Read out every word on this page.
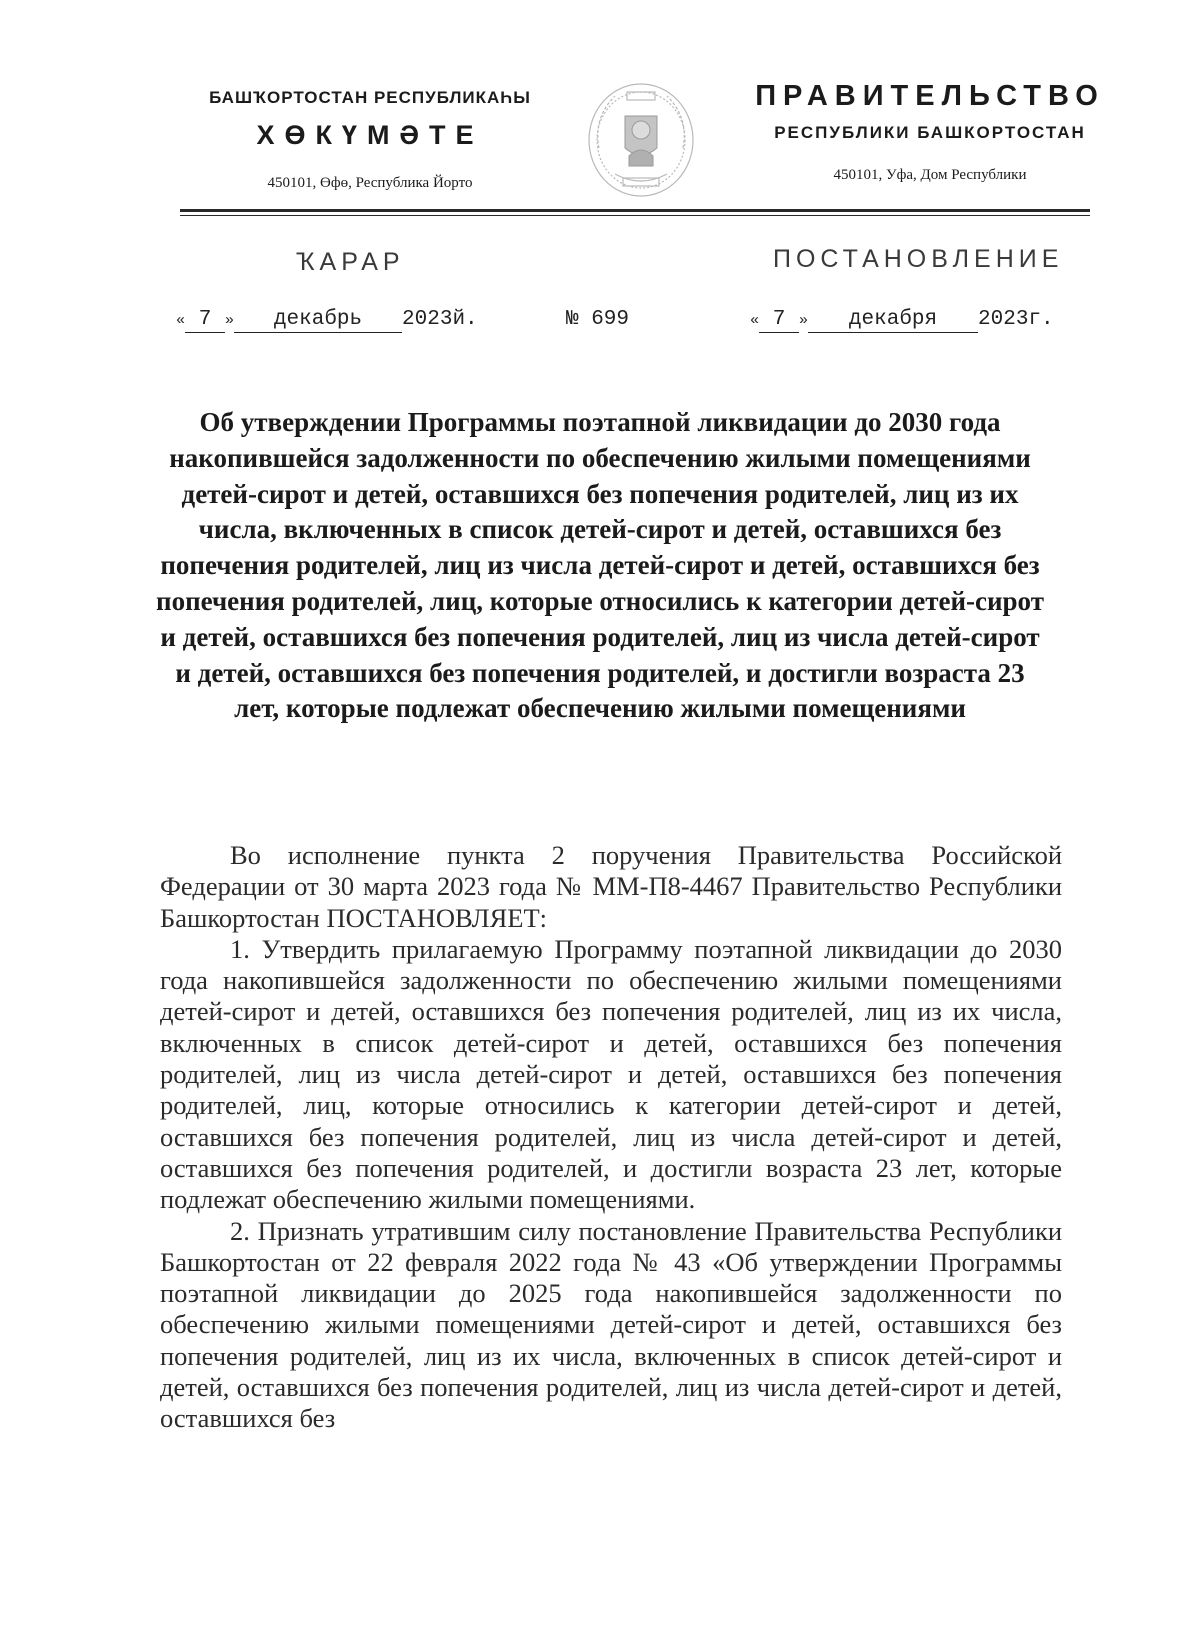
БАШҠОРТОСТАН РЕСПУБЛИКАҺЫ
ХӨКҮМӘТЕ
450101, Өфө, Республика Йорто
ПРАВИТЕЛЬСТВО
РЕСПУБЛИКИ БАШКОРТОСТАН
450101, Уфа, Дом Республики
ҠАРАР	ПОСТАНОВЛЕНИЕ
« 7 » декабрь 2023й.	№ 699	« 7 » декабря 2023г.
Об утверждении Программы поэтапной ликвидации до 2030 года накопившейся задолженности по обеспечению жилыми помещениями детей-сирот и детей, оставшихся без попечения родителей, лиц из их числа, включенных в список детей-сирот и детей, оставшихся без попечения родителей, лиц из числа детей-сирот и детей, оставшихся без попечения родителей, лиц, которые относились к категории детей-сирот и детей, оставшихся без попечения родителей, лиц из числа детей-сирот и детей, оставшихся без попечения родителей, и достигли возраста 23 лет, которые подлежат обеспечению жилыми помещениями

Во исполнение пункта 2 поручения Правительства Российской Федерации от 30 марта 2023 года № ММ-П8-4467 Правительство Республики Башкортостан ПОСТАНОВЛЯЕТ:

1. Утвердить прилагаемую Программу поэтапной ликвидации до 2030 года накопившейся задолженности по обеспечению жилыми помещениями детей-сирот и детей, оставшихся без попечения родителей, лиц из их числа, включенных в список детей-сирот и детей, оставшихся без попечения родителей, лиц из числа детей-сирот и детей, оставшихся без попечения родителей, лиц, которые относились к категории детей-сирот и детей, оставшихся без попечения родителей, лиц из числа детей-сирот и детей, оставшихся без попечения родителей, и достигли возраста 23 лет, которые подлежат обеспечению жилыми помещениями.

2. Признать утратившим силу постановление Правительства Республики Башкортостан от 22 февраля 2022 года № 43 «Об утверждении Программы поэтапной ликвидации до 2025 года накопившейся задолженности по обеспечению жилыми помещениями детей-сирот и детей, оставшихся без попечения родителей, лиц из их числа, включенных в список детей-сирот и детей, оставшихся без попечения родителей, лиц из числа детей-сирот и детей, оставшихся без
